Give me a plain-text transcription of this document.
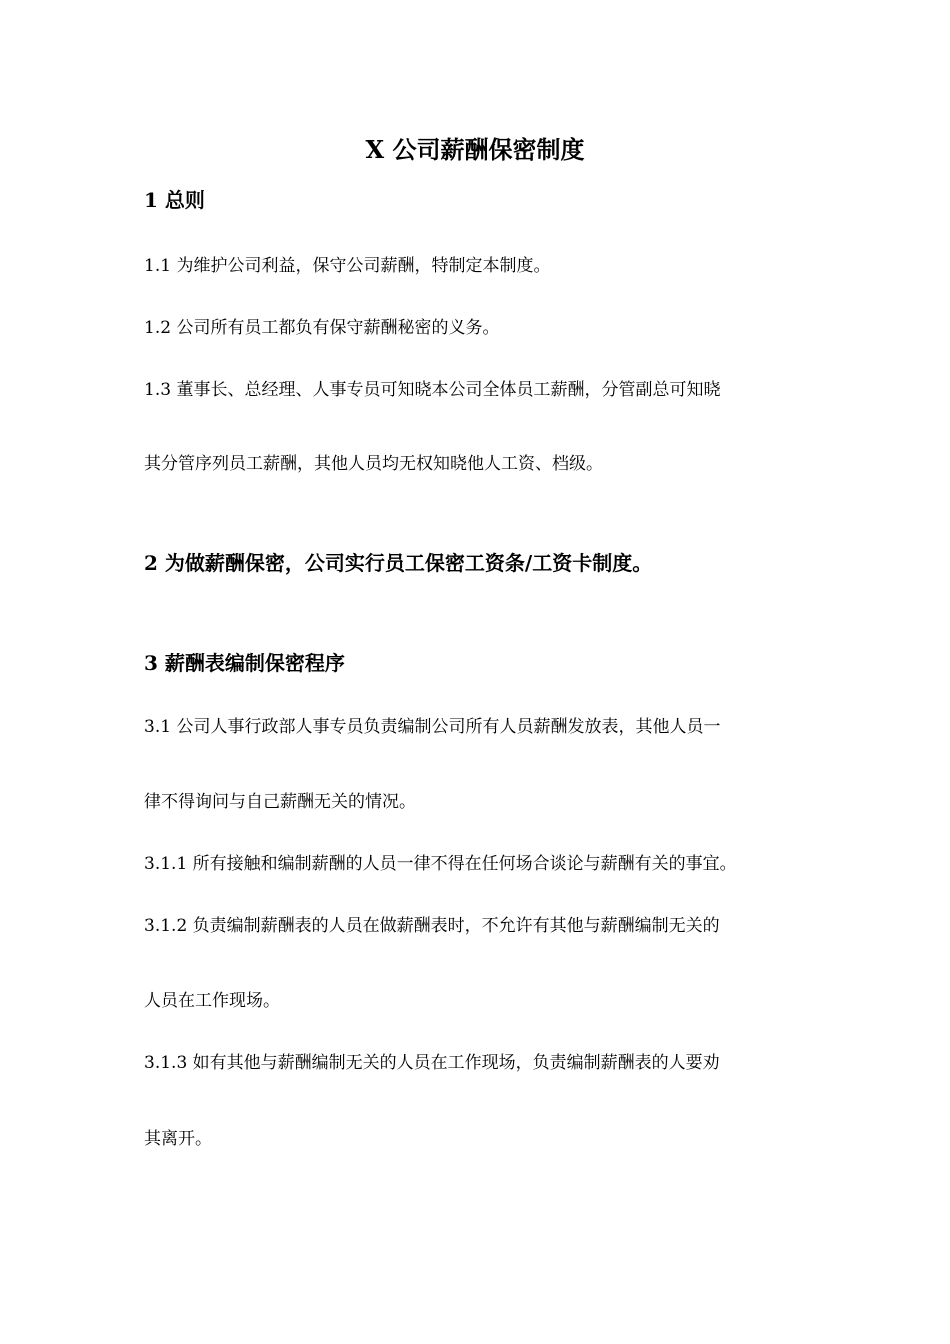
X 公司薪酬保密制度
1 总则
1.1 为维护公司利益，保守公司薪酬，特制定本制度。
1.2 公司所有员工都负有保守薪酬秘密的义务。
1.3 董事长、总经理、人事专员可知晓本公司全体员工薪酬，分管副总可知晓
其分管序列员工薪酬，其他人员均无权知晓他人工资、档级。
2 为做薪酬保密，公司实行员工保密工资条/工资卡制度。
3 薪酬表编制保密程序
3.1 公司人事行政部人事专员负责编制公司所有人员薪酬发放表，其他人员一
律不得询问与自己薪酬无关的情况。
3.1.1 所有接触和编制薪酬的人员一律不得在任何场合谈论与薪酬有关的事宜。
3.1.2 负责编制薪酬表的人员在做薪酬表时，不允许有其他与薪酬编制无关的
人员在工作现场。
3.1.3 如有其他与薪酬编制无关的人员在工作现场，负责编制薪酬表的人要劝
其离开。
